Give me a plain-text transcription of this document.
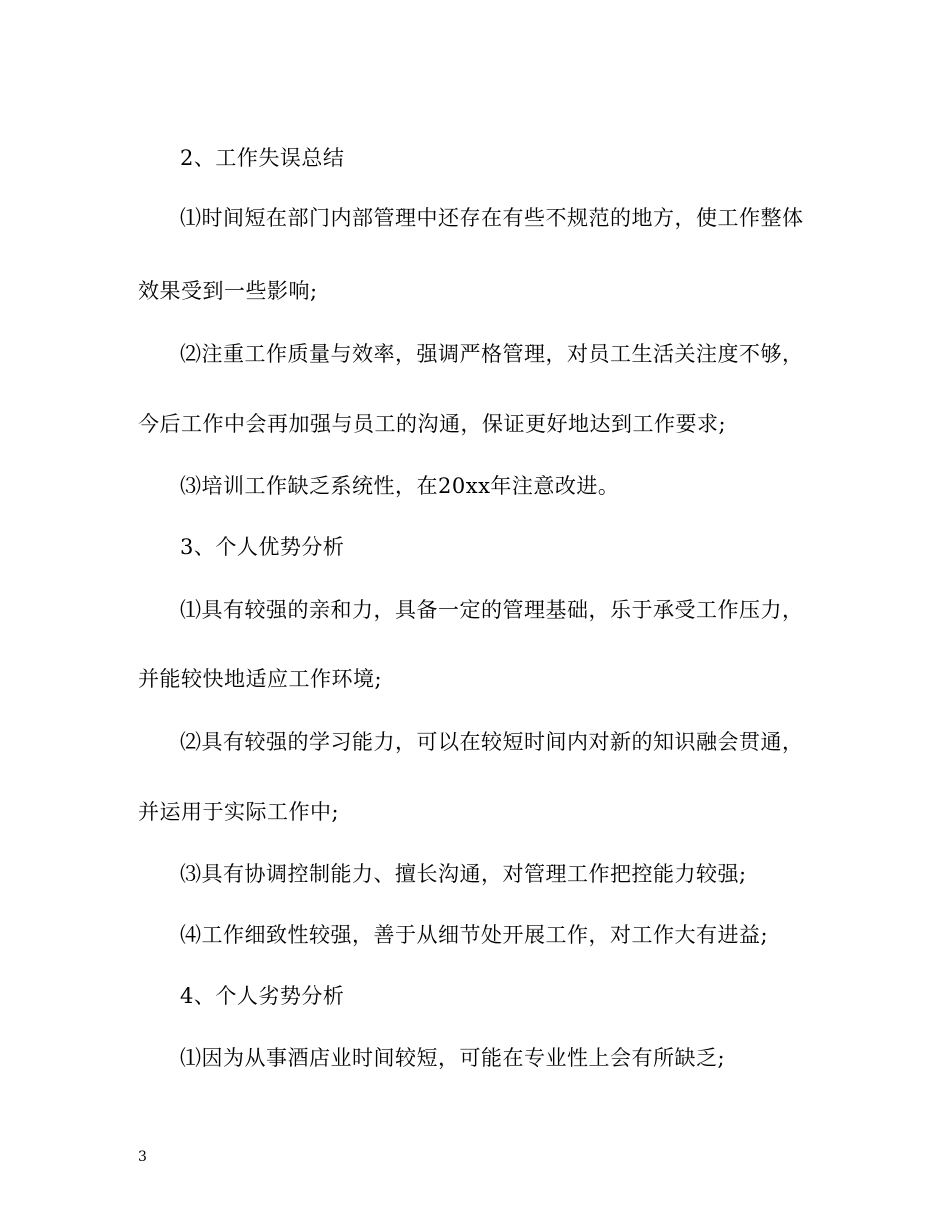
2、工作失误总结
⑴时间短在部门内部管理中还存在有些不规范的地方，使工作整体
效果受到一些影响;
⑵注重工作质量与效率，强调严格管理，对员工生活关注度不够，
今后工作中会再加强与员工的沟通，保证更好地达到工作要求;
⑶培训工作缺乏系统性，在20xx年注意改进。
3、个人优势分析
⑴具有较强的亲和力，具备一定的管理基础，乐于承受工作压力，
并能较快地适应工作环境;
⑵具有较强的学习能力，可以在较短时间内对新的知识融会贯通，
并运用于实际工作中;
⑶具有协调控制能力、擅长沟通，对管理工作把控能力较强;
⑷工作细致性较强，善于从细节处开展工作，对工作大有进益;
4、个人劣势分析
⑴因为从事酒店业时间较短，可能在专业性上会有所缺乏;
3
